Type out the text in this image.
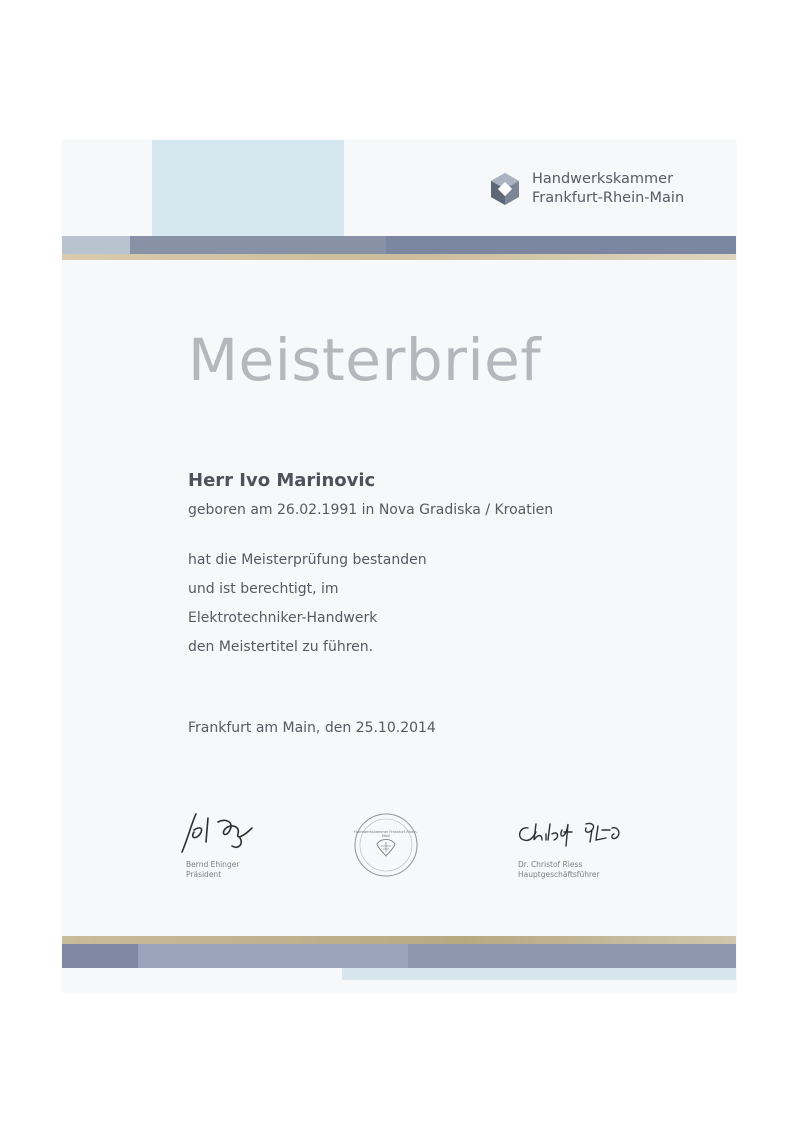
Handwerkskammer
Frankfurt-Rhein-Main
Meisterbrief
Herr Ivo Marinovic
geboren am 26.02.1991 in Nova Gradiska / Kroatien
hat die Meisterprüfung bestanden
und ist berechtigt, im
Elektrotechniker-Handwerk
den Meistertitel zu führen.
Frankfurt am Main, den 25.10.2014
Bernd Ehinger
Präsident
Handwerkskammer Frankfurt-Rhein-Main
Dr. Christof Riess
Hauptgeschäftsführer
